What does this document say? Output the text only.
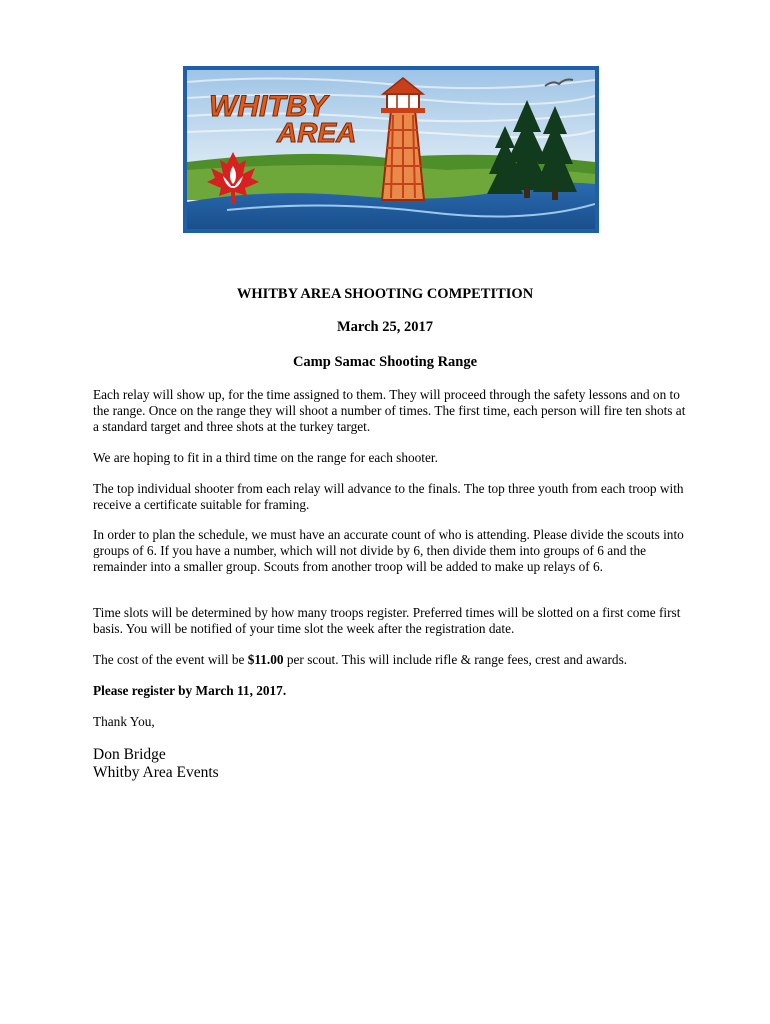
WHITBY
AREA

WHITBY AREA SHOOTING COMPETITION

March 25, 2017

Camp Samac Shooting Range

Each relay will show up, for the time assigned to them. They will proceed through the safety lessons and on to the range. Once on the range they will shoot a number of times. The first time, each person will fire ten shots at a standard target and three shots at the turkey target.

We are hoping to fit in a third time on the range for each shooter.

The top individual shooter from each relay will advance to the finals. The top three youth from each troop with receive a certificate suitable for framing.

In order to plan the schedule, we must have an accurate count of who is attending. Please divide the scouts into groups of 6. If you have a number, which will not divide by 6, then divide them into groups of 6 and the remainder into a smaller group. Scouts from another troop will be added to make up relays of 6.

Time slots will be determined by how many troops register. Preferred times will be slotted on a first come first basis. You will be notified of your time slot the week after the registration date.

The cost of the event will be $11.00 per scout. This will include rifle & range fees, crest and awards.

Please register by March 11, 2017.

Thank You,

Don Bridge

Whitby Area Events
